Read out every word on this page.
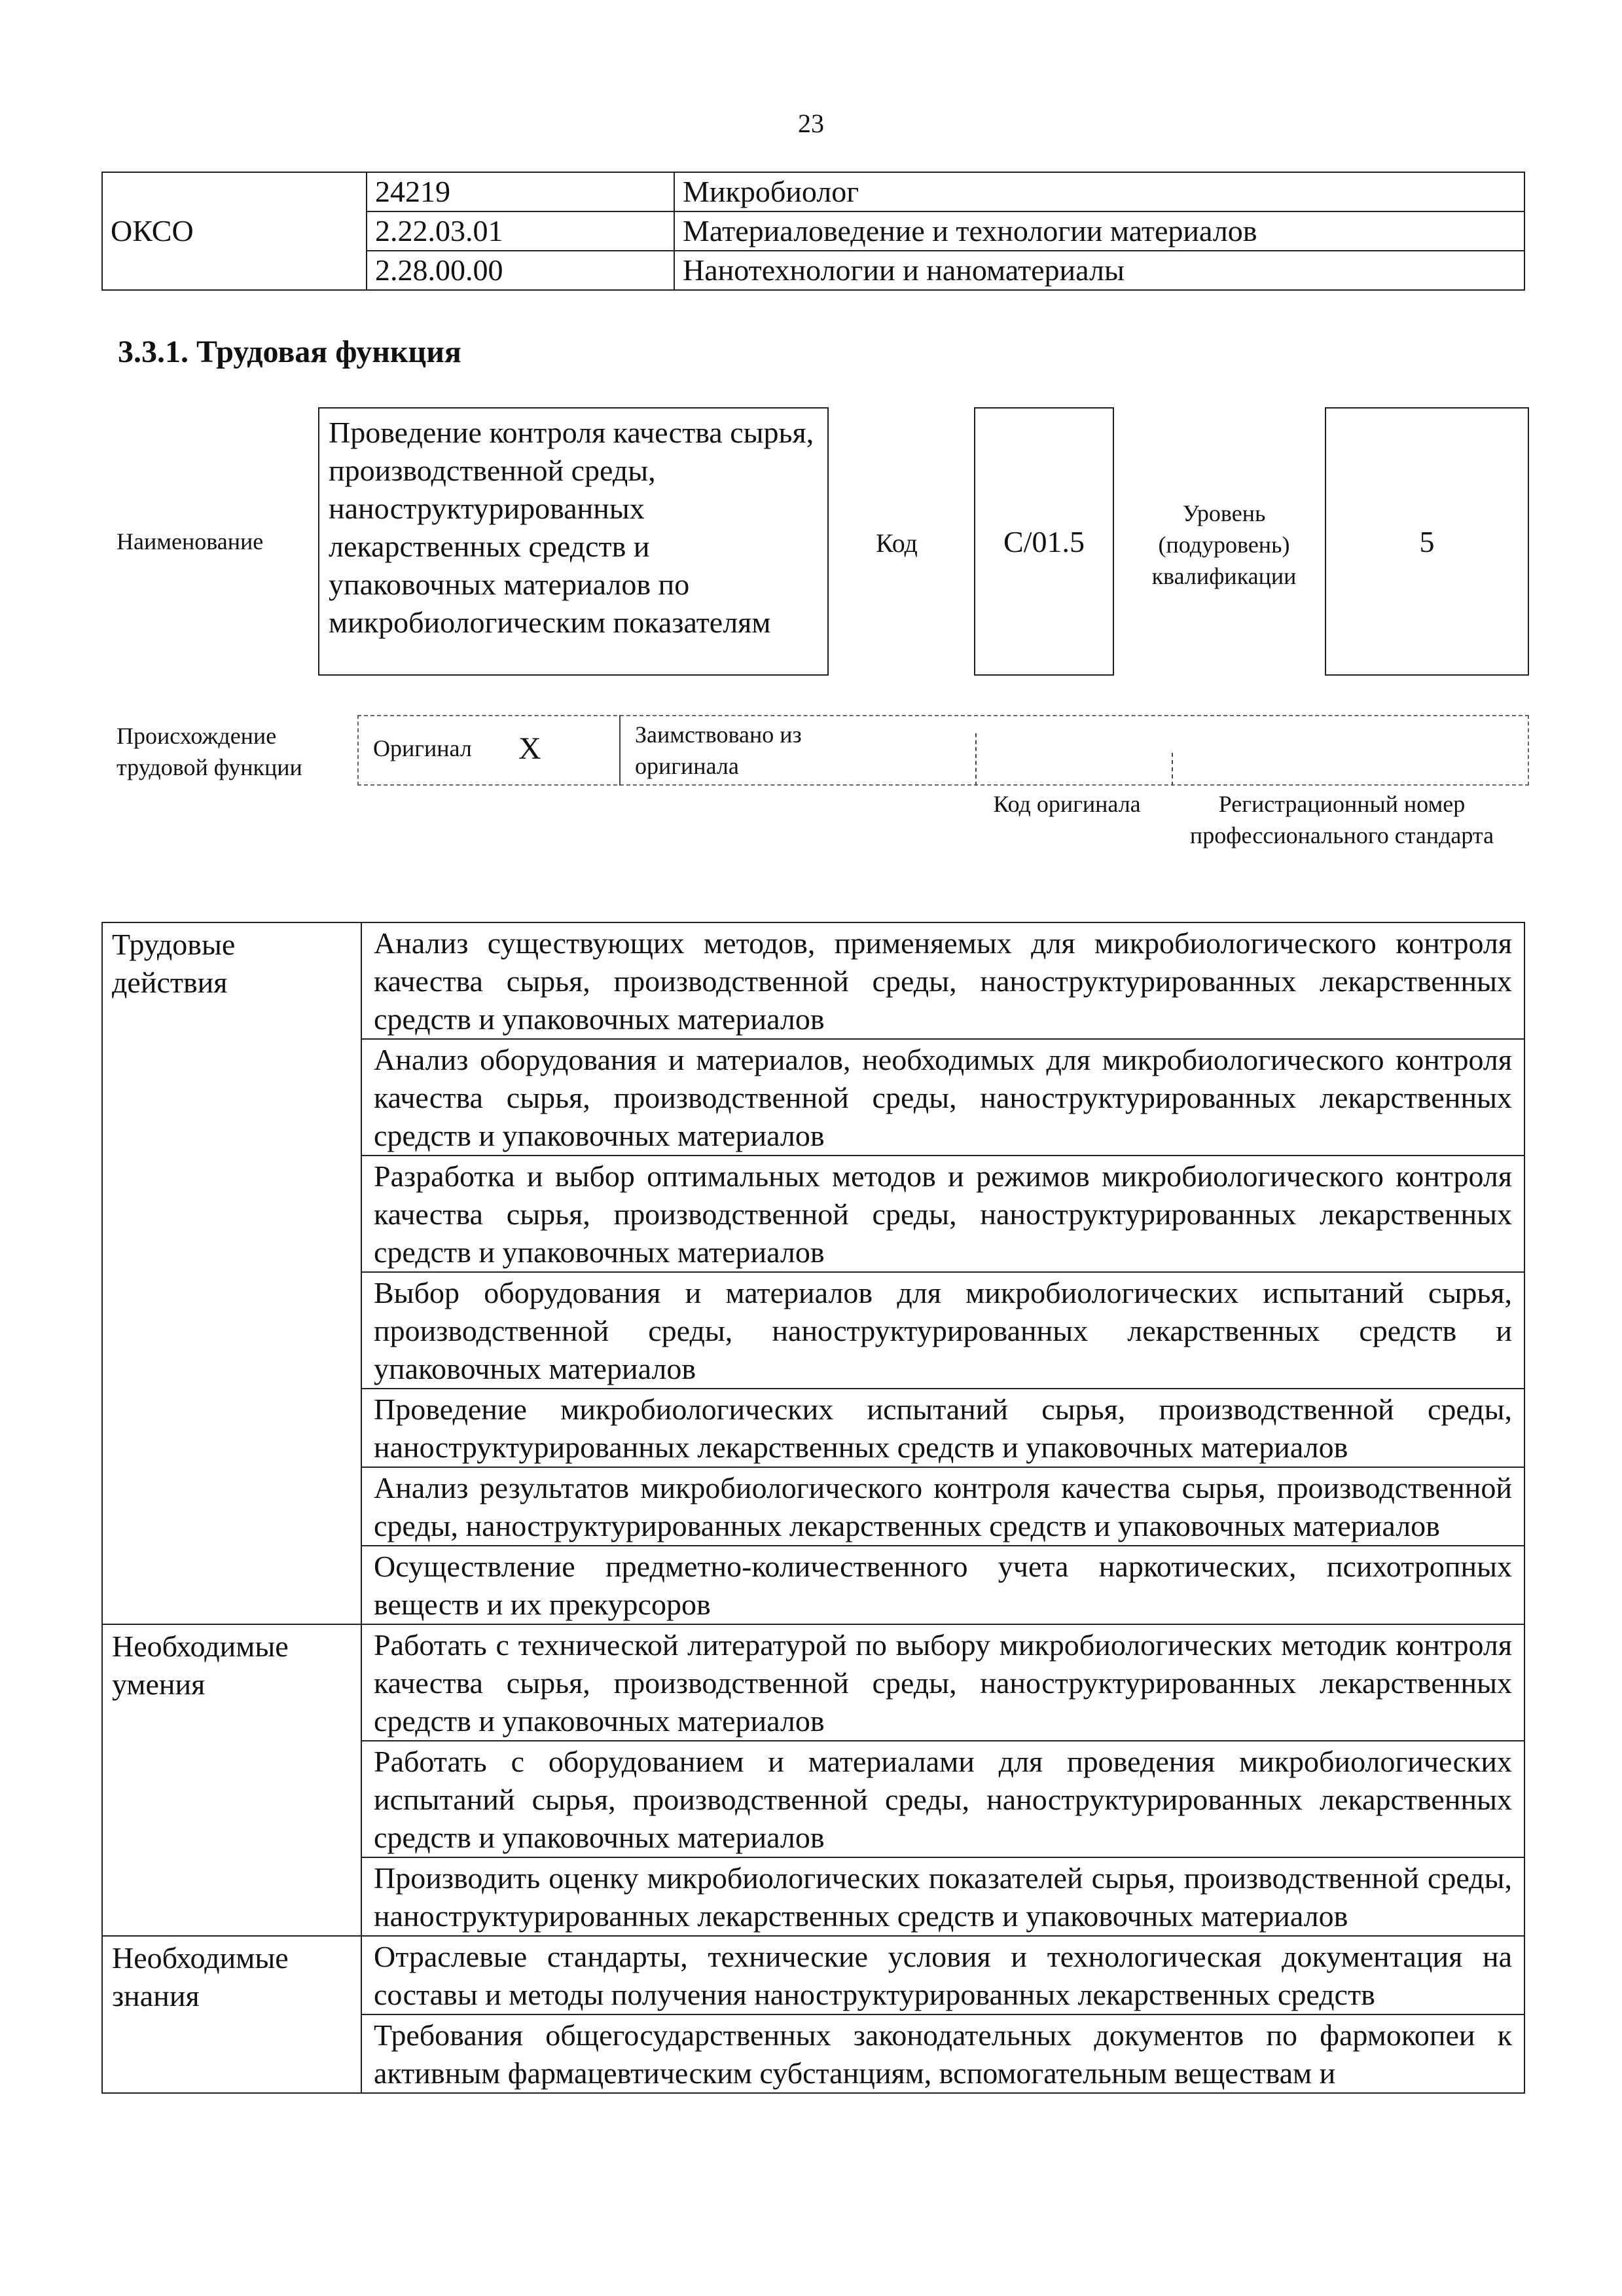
23
ОКСО	24219	Микробиолог
	2.22.03.01	Материаловедение и технологии материалов
	2.28.00.00	Нанотехнологии и наноматериалы
3.3.1. Трудовая функция
Наименование
Проведение контроля качества сырья, производственной среды, наноструктурированных лекарственных средств и упаковочных материалов по микробиологическим показателям
Код	С/01.5
Уровень (подуровень) квалификации
5
Происхождение трудовой функции
Оригинал X	Заимствовано из оригинала
Код оригинала	Регистрационный номер профессионального стандарта
Трудовые действия	Анализ существующих методов, применяемых для микробиологического контроля качества сырья, производственной среды, наноструктурированных лекарственных средств и упаковочных материалов
	Анализ оборудования и материалов, необходимых для микробиологического контроля качества сырья, производственной среды, наноструктурированных лекарственных средств и упаковочных материалов
	Разработка и выбор оптимальных методов и режимов микробиологического контроля качества сырья, производственной среды, наноструктурированных лекарственных средств и упаковочных материалов
	Выбор оборудования и материалов для микробиологических испытаний сырья, производственной среды, наноструктурированных лекарственных средств и упаковочных материалов
	Проведение микробиологических испытаний сырья, производственной среды, наноструктурированных лекарственных средств и упаковочных материалов
	Анализ результатов микробиологического контроля качества сырья, производственной среды, наноструктурированных лекарственных средств и упаковочных материалов
	Осуществление предметно-количественного учета наркотических, психотропных веществ и их прекурсоров
Необходимые умения	Работать с технической литературой по выбору микробиологических методик контроля качества сырья, производственной среды, наноструктурированных лекарственных средств и упаковочных материалов
	Работать с оборудованием и материалами для проведения микробиологических испытаний сырья, производственной среды, наноструктурированных лекарственных средств и упаковочных материалов
	Производить оценку микробиологических показателей сырья, производственной среды, наноструктурированных лекарственных средств и упаковочных материалов
Необходимые знания	Отраслевые стандарты, технические условия и технологическая документация на составы и методы получения наноструктурированных лекарственных средств
	Требования общегосударственных законодательных документов по фармокопеи к активным фармацевтическим субстанциям, вспомогательным веществам и
